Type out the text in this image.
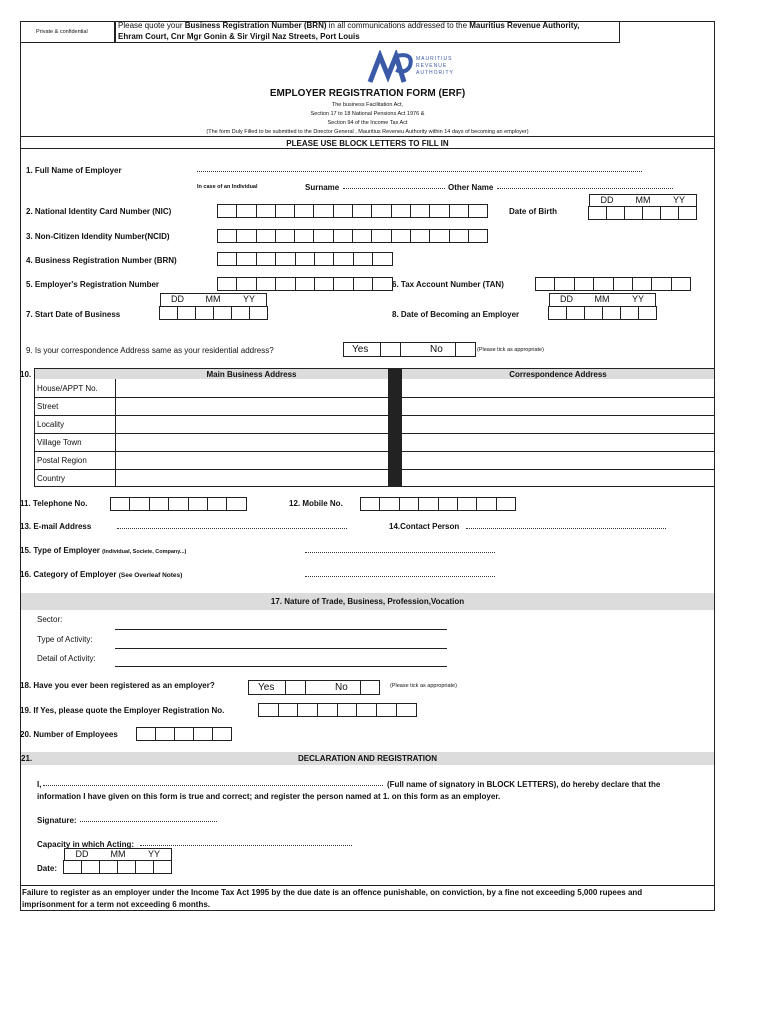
Private & confidential
Please quote your Business Registration Number (BRN) in all communications addressed to the Mauritius Revenue Authority,
Ehram Court, Cnr Mgr Gonin & Sir Virgil Naz Streets, Port Louis
MAURITIUS
REVENUE
AUTHORITY
EMPLOYER REGISTRATION FORM (ERF)
The business Facilitation Act,
Section 17 to 18 National Pensions Act 1976 &
Section 94 of the Income Tax Act
(The form Duly Filled to be submitted to the Director General , Mauritius Reveneu Authority within 14 days of becoming an employer)
PLEASE USE BLOCK LETTERS TO FILL IN
1. Full Name of Employer
In case of an Individual	Surname	Other Name
DD	MM	YY
2. National Identity Card Number (NIC)	Date of Birth
3. Non-Citizen Idendity Number(NCID)
4. Business Registration Number (BRN)
5. Employer's Registration Number	6. Tax Account Number (TAN)
DD	MM	YY	DD	MM	YY
7. Start Date of Business	8. Date of Becoming an Employer
9. Is your correspondence Address same as your residential address?	Yes	No	(Please tick as appropriate)
10.	Main Business Address	Correspondence Address
House/APPT No.
Street
Locality
Village Town
Postal Region
Country
11. Telephone No.	12. Mobile No.
13. E-mail Address	14.Contact Person
15. Type of Employer (Individual, Societe, Company...)
16. Category of Employer (See Overleaf Notes)
17. Nature of Trade, Business, Profession,Vocation
Sector:
Type of Activity:
Detail of Activity:
18. Have you ever been registered as an employer?	Yes	No	(Please tick as appropriate)
19. If Yes, please quote the Employer Registration No.
20. Number of Employees
21.	DECLARATION AND REGISTRATION
I,	(Full name of signatory in BLOCK LETTERS), do hereby declare that the
information I have given on this form is true and correct; and register the person named at 1. on this form as an employer.
Signature:
Capacity in which Acting:
DD	MM	YY
Date:
Failure to register as an employer under the Income Tax Act 1995 by the due date is an offence punishable, on conviction, by a fine not exceeding 5,000 rupees and
imprisonment for a term not exceeding 6 months.
